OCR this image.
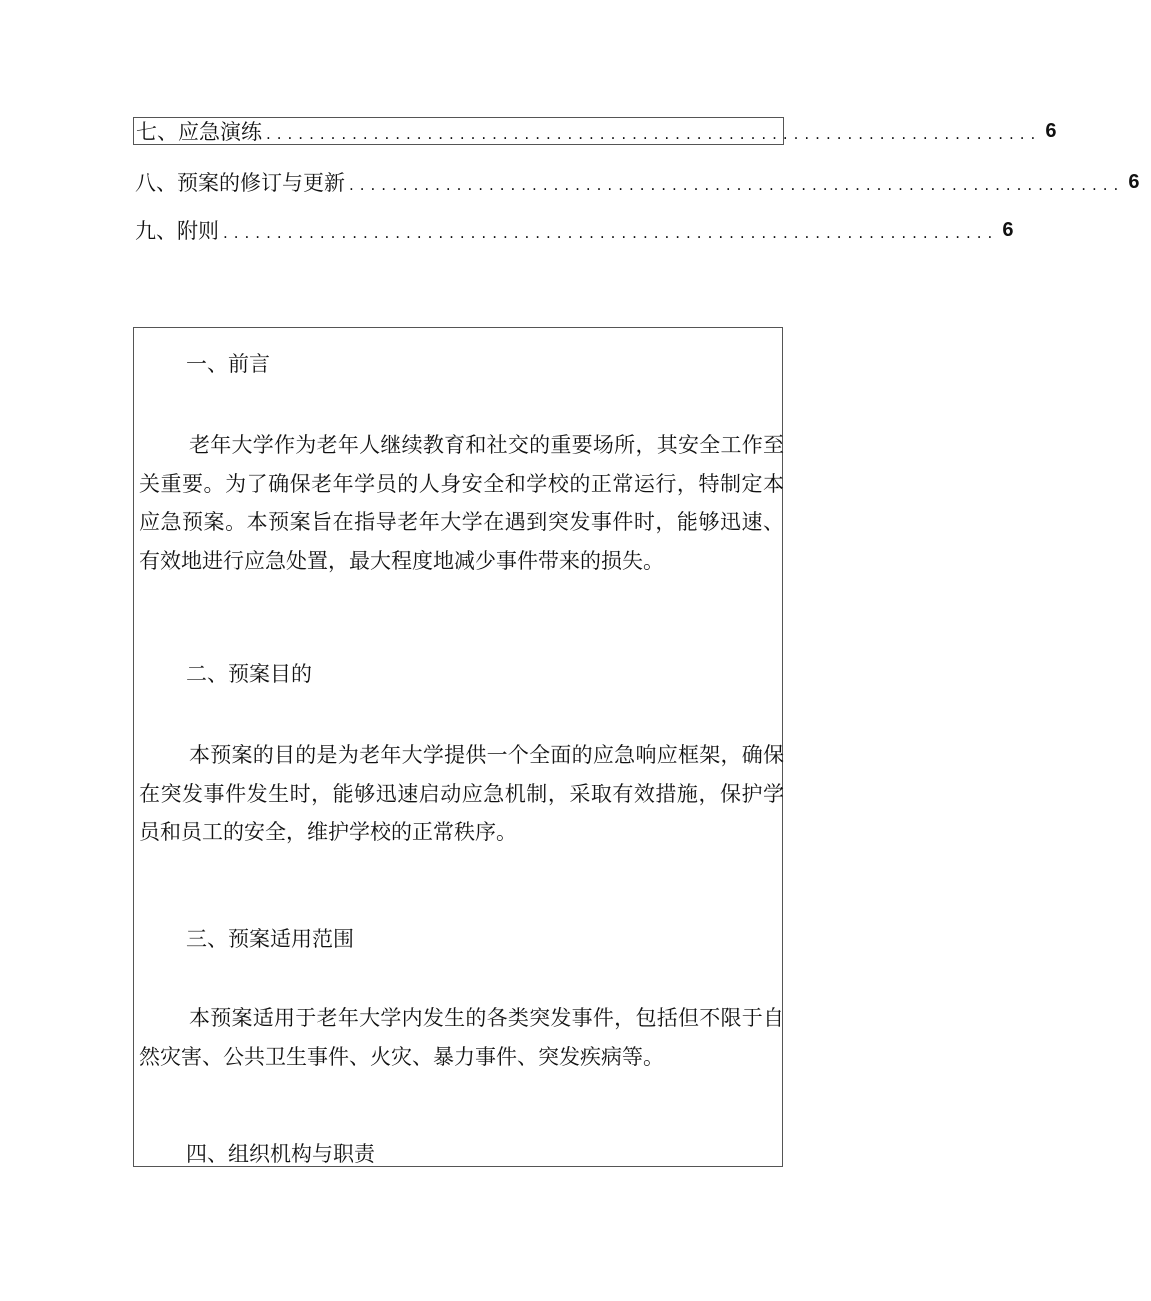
七、应急演练 ........................................................................ 6
八、预案的修订与更新 ........................................................................ 6
九、附则 ........................................................................ 6
一、前言

老年大学作为老年人继续教育和社交的重要场所，其安全工作至关重要。为了确保老年学员的人身安全和学校的正常运行，特制定本应急预案。本预案旨在指导老年大学在遇到突发事件时，能够迅速、有效地进行应急处置，最大程度地减少事件带来的损失。

二、预案目的

本预案的目的是为老年大学提供一个全面的应急响应框架，确保在突发事件发生时，能够迅速启动应急机制，采取有效措施，保护学员和员工的安全，维护学校的正常秩序。

三、预案适用范围

本预案适用于老年大学内发生的各类突发事件，包括但不限于自然灾害、公共卫生事件、火灾、暴力事件、突发疾病等。

四、组织机构与职责
